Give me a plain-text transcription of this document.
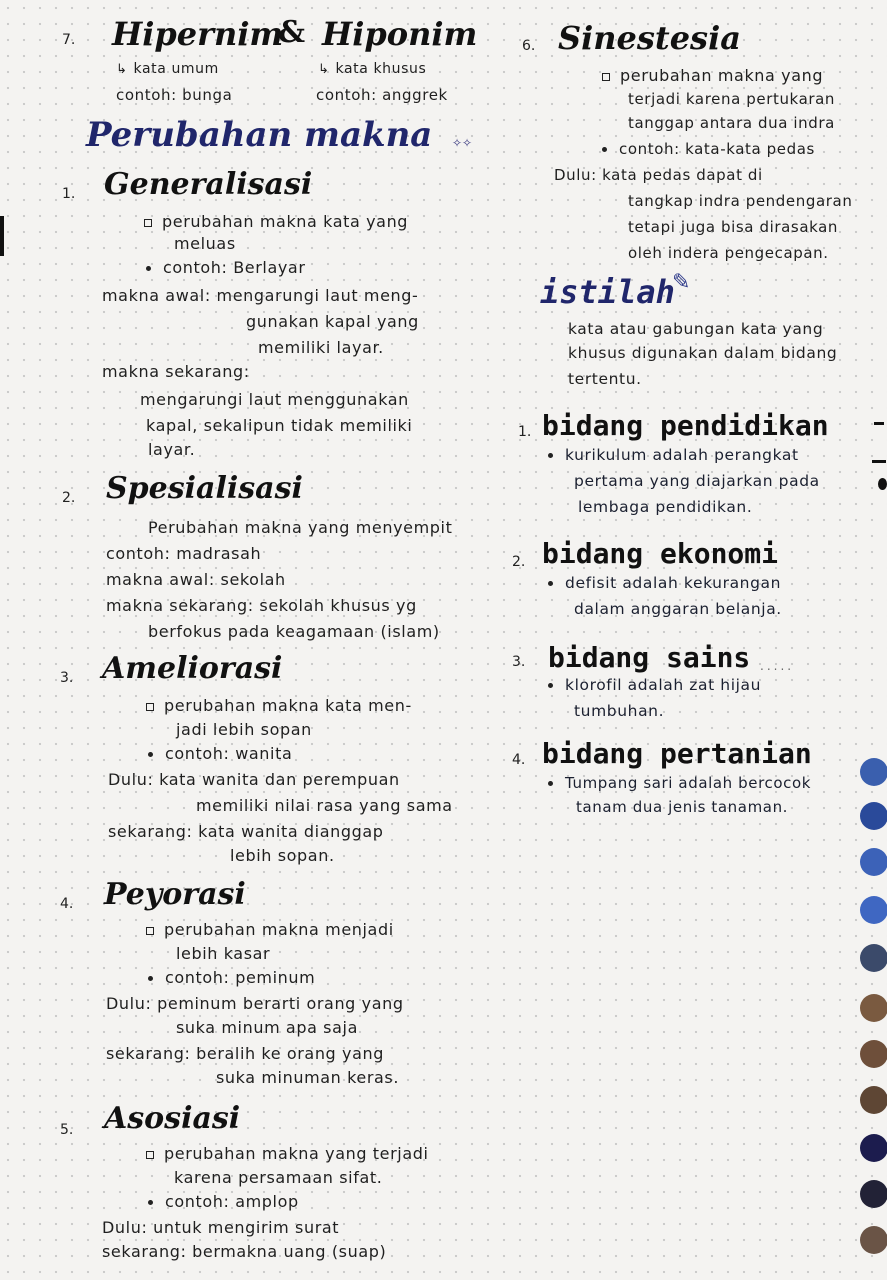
7. Hipernim
& Hiponim
↳ kata umum	↳ kata khusus
contoh: bunga	contoh: anggrek
Perubahan makna ✧✧
1. Generalisasi
perubahan makna kata yang
meluas
contoh: Berlayar
makna awal: mengarungi laut meng-
gunakan kapal yang
memiliki layar.
makna sekarang:
mengarungi laut menggunakan
kapal, sekalipun tidak memiliki
layar.
2. Spesialisasi
Perubahan makna yang menyempit
contoh: madrasah
makna awal: sekolah
makna sekarang: sekolah khusus yg
berfokus pada keagamaan (islam)
3. Ameliorasi
perubahan makna kata men-
jadi lebih sopan
contoh: wanita
Dulu: kata wanita dan perempuan
memiliki nilai rasa yang sama
sekarang: kata wanita dianggap
lebih sopan.
4. Peyorasi
perubahan makna menjadi
lebih kasar
contoh: peminum
Dulu: peminum berarti orang yang
suka minum apa saja
sekarang: beralih ke orang yang
suka minuman keras.
5. Asosiasi
perubahan makna yang terjadi
karena persamaan sifat.
contoh: amplop
Dulu: untuk mengirim surat
sekarang: bermakna uang (suap)
6. Sinestesia
perubahan makna yang
terjadi karena pertukaran
tanggap antara dua indra
contoh: kata-kata pedas
Dulu: kata pedas dapat di
tangkap indra pendengaran
tetapi juga bisa dirasakan
oleh indera pengecapan.
istilah
✎
kata atau gabungan kata yang
khusus digunakan dalam bidang
tertentu.
1. bidang pendidikan
kurikulum adalah perangkat
pertama yang diajarkan pada
lembaga pendidikan.
2. bidang ekonomi
defisit adalah kekurangan
dalam anggaran belanja.
3. bidang sains .....
klorofil adalah zat hijau
tumbuhan.
4. bidang pertanian
Tumpang sari adalah bercocok
tanam dua jenis tanaman.
